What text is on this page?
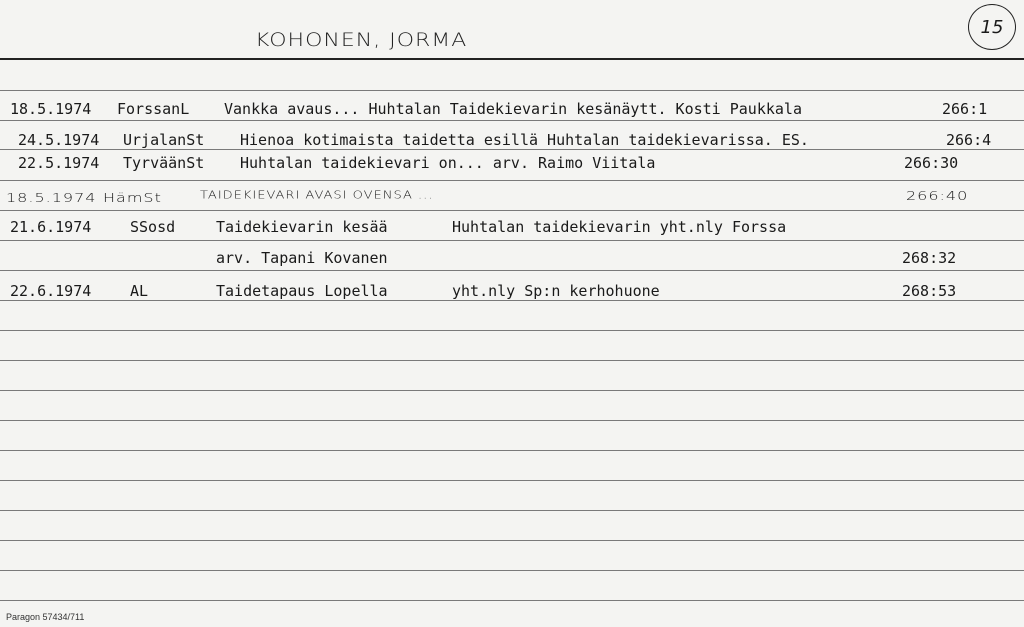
KOHONEN, JORMA
15
18.5.1974 ForssanL Vankka avaus... Huhtalan Taidekievarin kesänäytt. Kosti Paukkala	266:1
24.5.1974 UrjalanSt Hienoa kotimaista taidetta esillä Huhtalan taidekievarissa. ES.	266:4
22.5.1974 TyrväänSt Huhtalan taidekievari on... arv. Raimo Viitala	266:30
18.5.1974 HämSt	TAIDEKIEVARI AVASI OVENSA ...	266:40
21.6.1974	SSosd	Taidekievarin kesää	Huhtalan taidekievarin yht.nly Forssa
arv. Tapani Kovanen	268:32
22.6.1974	AL	Taidetapaus Lopella	yht.nly Sp:n kerhohuone	268:53
Paragon 57434/711
